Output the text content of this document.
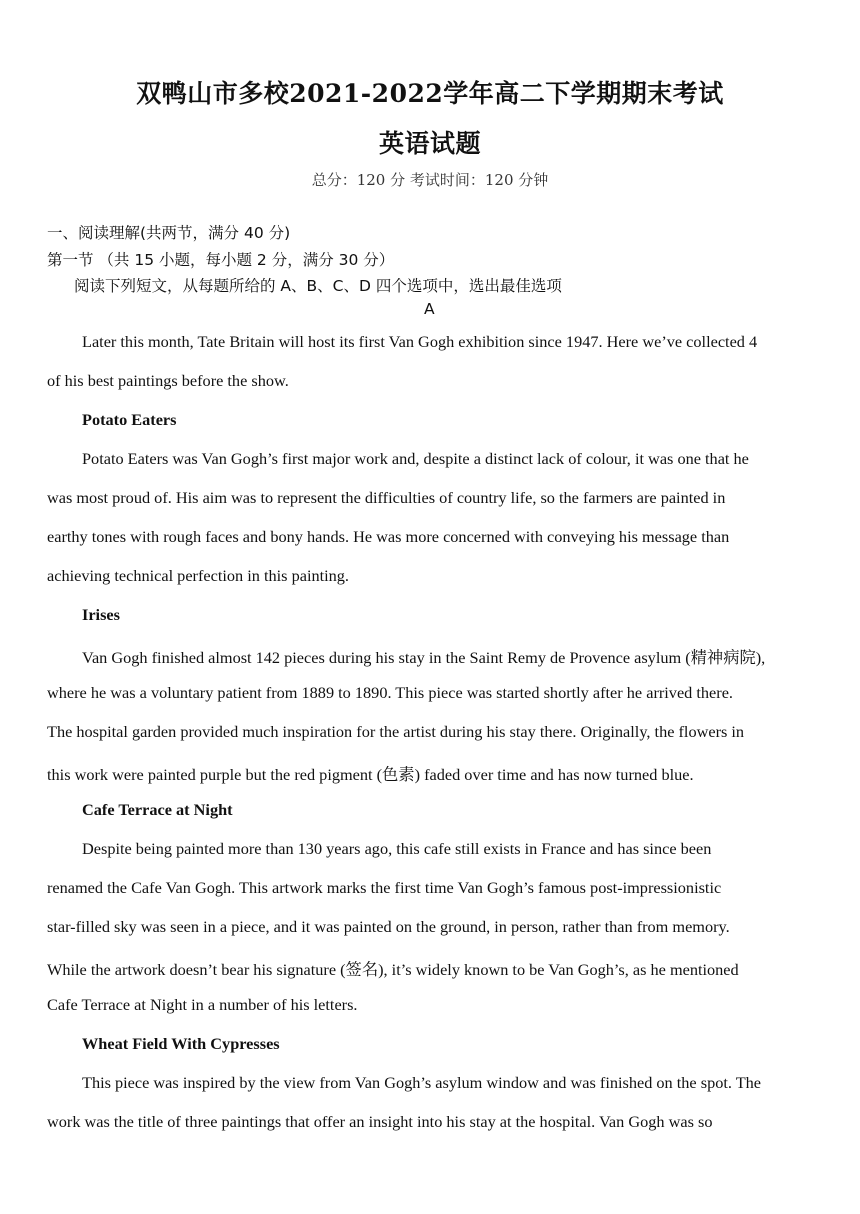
双鸭山市多校2021-2022学年高二下学期期末考试
英语试题
总分：120 分 考试时间：120 分钟
一、阅读理解(共两节，满分 40 分)
第一节 （共 15 小题，每小题 2 分，满分 30 分）
阅读下列短文，从每题所给的 A、B、C、D 四个选项中，选出最佳选项
A
Later this month, Tate Britain will host its first Van Gogh exhibition since 1947. Here we’ve collected 4
of his best paintings before the show.
Potato Eaters
Potato Eaters was Van Gogh’s first major work and, despite a distinct lack of colour, it was one that he
was most proud of. His aim was to represent the difficulties of country life, so the farmers are painted in
earthy tones with rough faces and bony hands. He was more concerned with conveying his message than
achieving technical perfection in this painting.
Irises
Van Gogh finished almost 142 pieces during his stay in the Saint Remy de Provence asylum (精神病院),
where he was a voluntary patient from 1889 to 1890. This piece was started shortly after he arrived there.
The hospital garden provided much inspiration for the artist during his stay there. Originally, the flowers in
this work were painted purple but the red pigment (色素) faded over time and has now turned blue.
Cafe Terrace at Night
Despite being painted more than 130 years ago, this cafe still exists in France and has since been
renamed the Cafe Van Gogh. This artwork marks the first time Van Gogh’s famous post-impressionistic
star-filled sky was seen in a piece, and it was painted on the ground, in person, rather than from memory.
While the artwork doesn’t bear his signature (签名), it’s widely known to be Van Gogh’s, as he mentioned
Cafe Terrace at Night in a number of his letters.
Wheat Field With Cypresses
This piece was inspired by the view from Van Gogh’s asylum window and was finished on the spot. The
work was the title of three paintings that offer an insight into his stay at the hospital. Van Gogh was so
